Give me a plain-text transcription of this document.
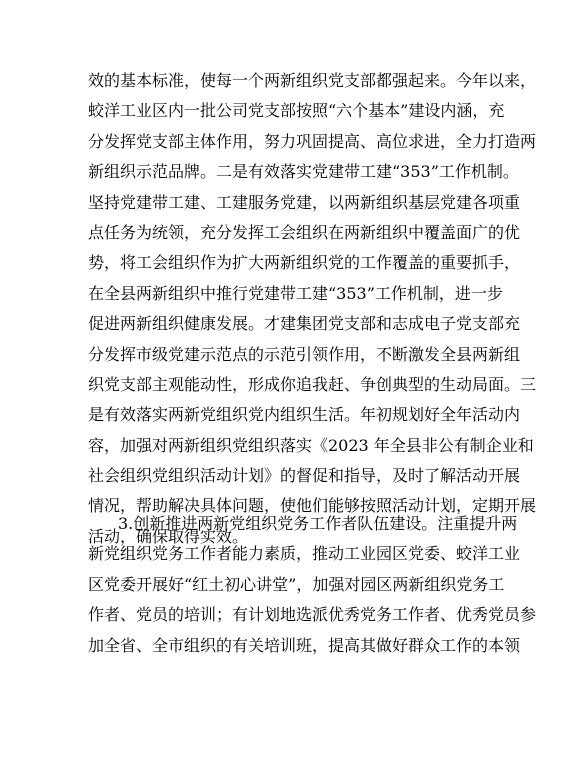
效的基本标准，使每一个两新组织党支部都强起来。今年以来，
蛟洋工业区内一批公司党支部按照“六个基本”建设内涵，充
分发挥党支部主体作用，努力巩固提高、高位求进，全力打造两
新组织示范品牌。二是有效落实党建带工建“353”工作机制。
坚持党建带工建、工建服务党建，以两新组织基层党建各项重
点任务为统领，充分发挥工会组织在两新组织中覆盖面广的优
势，将工会组织作为扩大两新组织党的工作覆盖的重要抓手，
在全县两新组织中推行党建带工建“353”工作机制，进一步
促进两新组织健康发展。才建集团党支部和志成电子党支部充
分发挥市级党建示范点的示范引领作用，不断激发全县两新组
织党支部主观能动性，形成你追我赶、争创典型的生动局面。三
是有效落实两新党组织党内组织生活。年初规划好全年活动内
容，加强对两新组织党组织落实《2023 年全县非公有制企业和
社会组织党组织活动计划》的督促和指导，及时了解活动开展
情况，帮助解决具体问题，使他们能够按照活动计划，定期开展
活动，确保取得实效。
3.创新推进两新党组织党务工作者队伍建设。注重提升两
新党组织党务工作者能力素质，推动工业园区党委、蛟洋工业
区党委开展好“红土初心讲堂”，加强对园区两新组织党务工
作者、党员的培训；有计划地选派优秀党务工作者、优秀党员参
加全省、全市组织的有关培训班，提高其做好群众工作的本领
